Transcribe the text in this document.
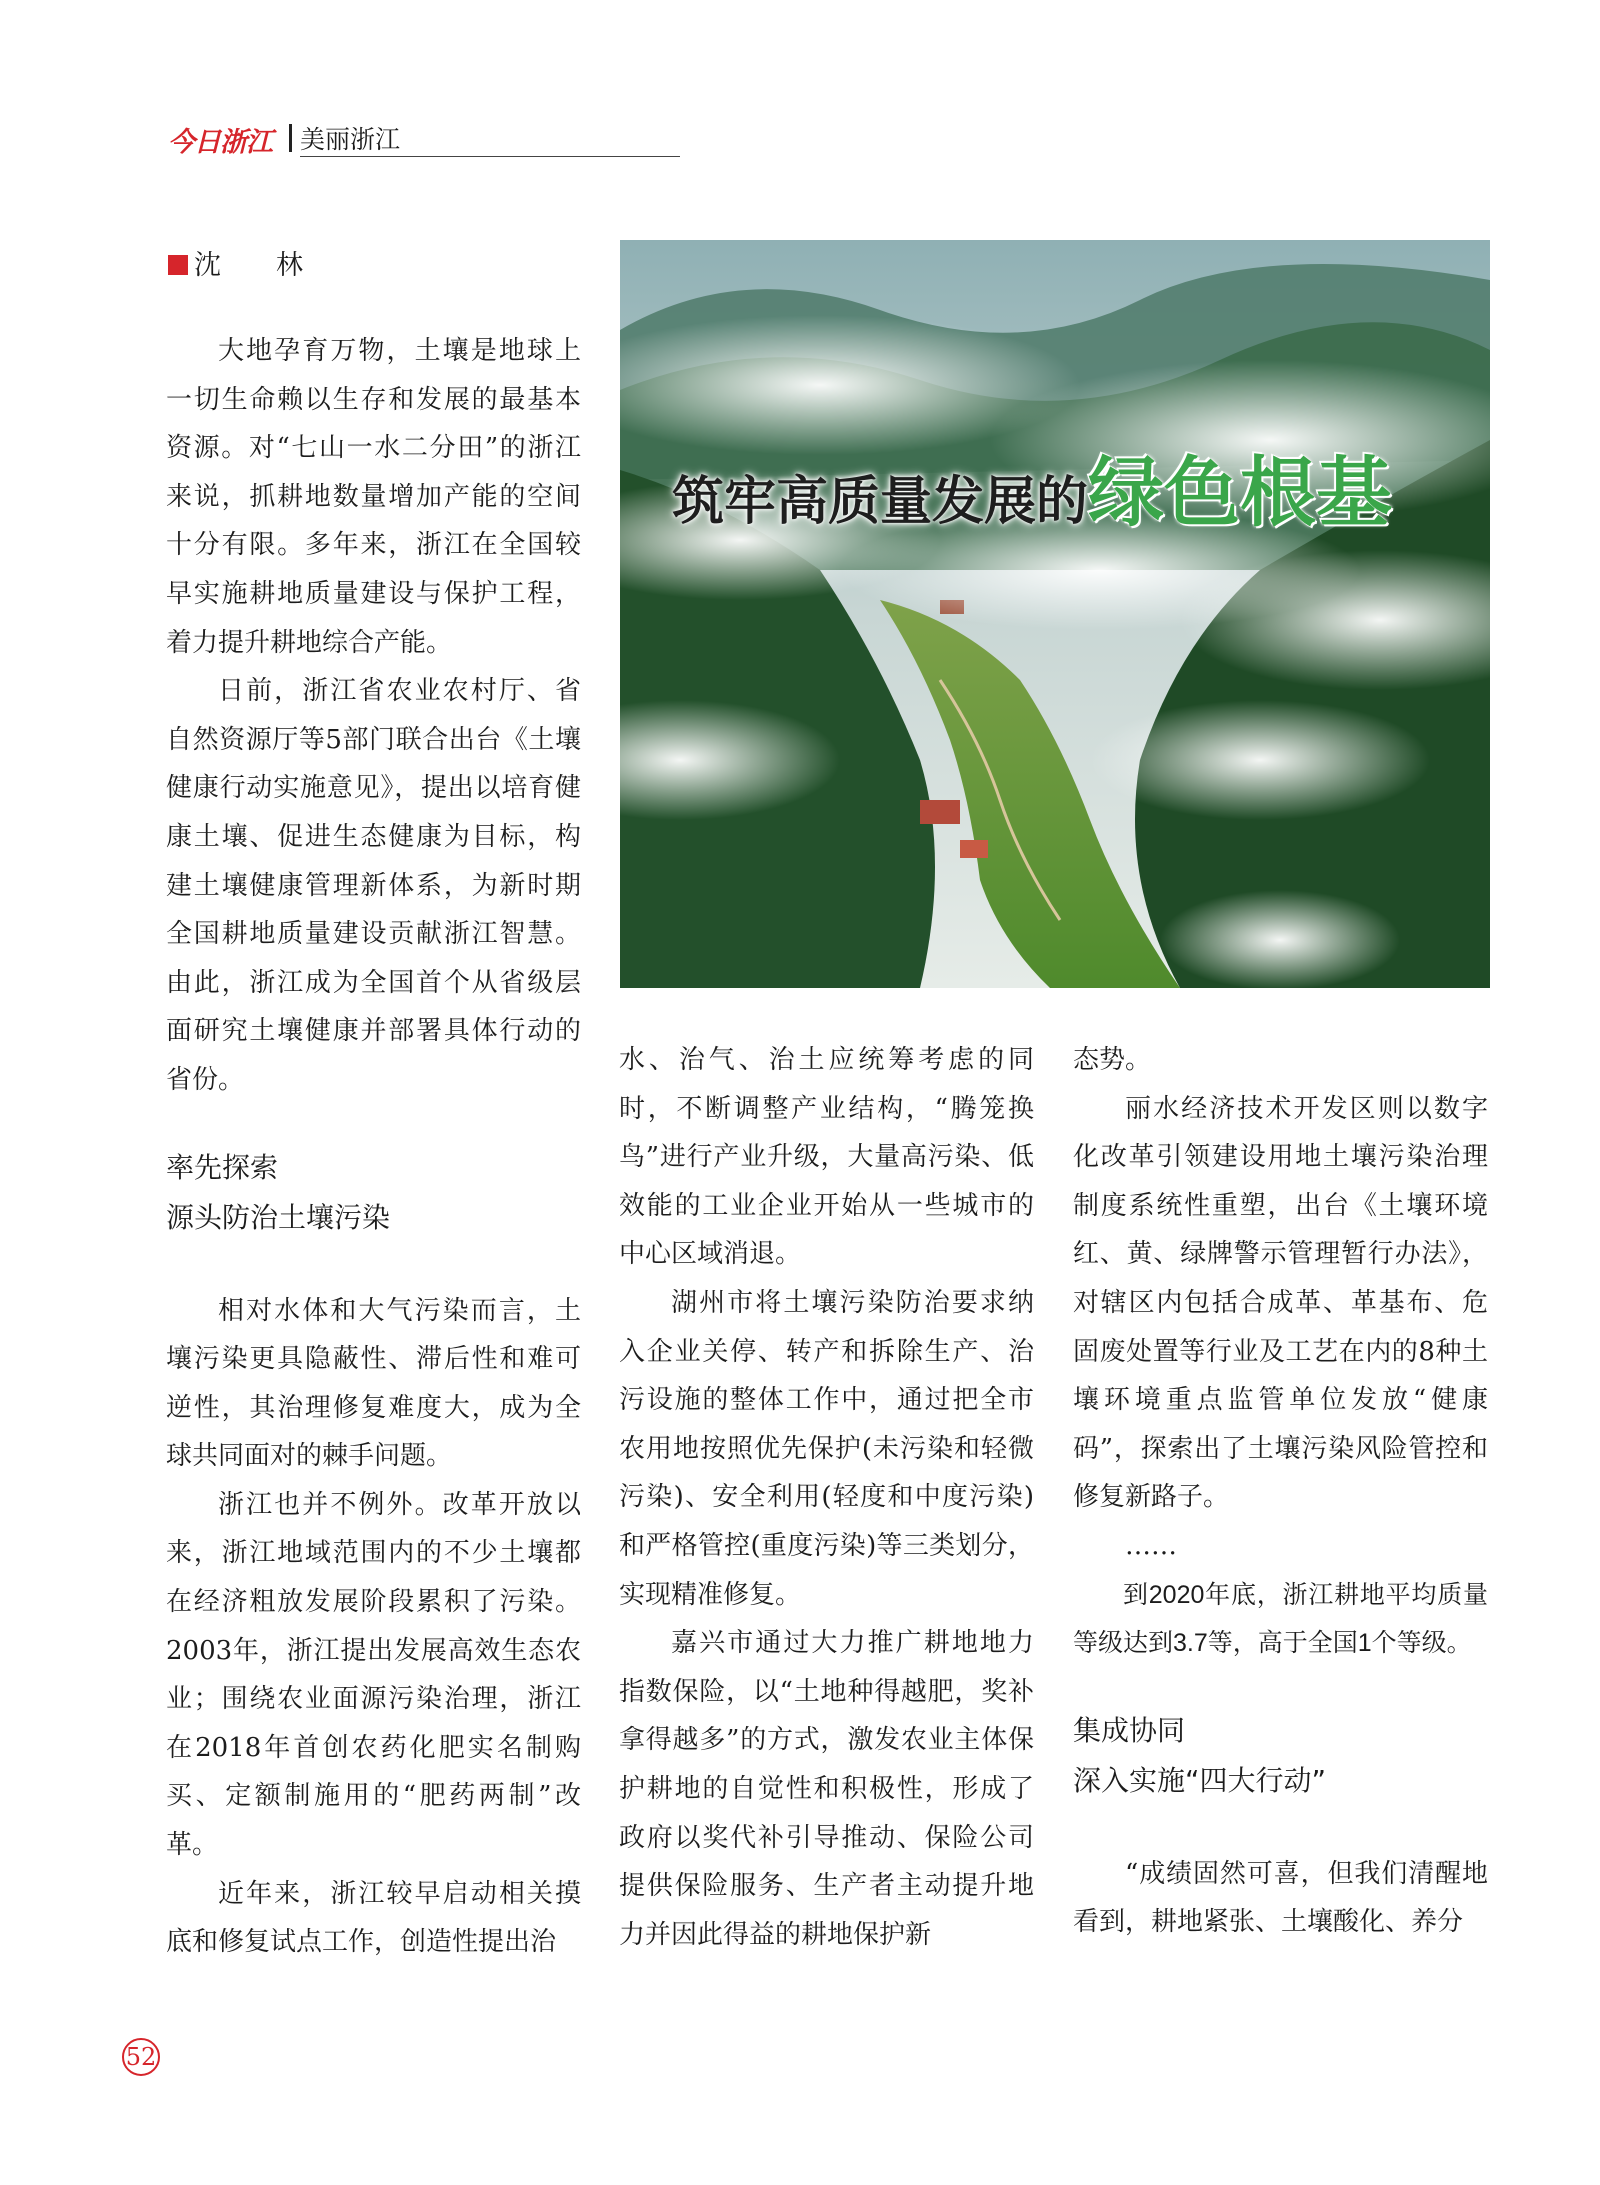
今日浙江 美丽浙江
沈　林

大地孕育万物，土壤是地球上一切生命赖以生存和发展的最基本资源。对“七山一水二分田”的浙江来说，抓耕地数量增加产能的空间十分有限。多年来，浙江在全国较早实施耕地质量建设与保护工程，着力提升耕地综合产能。

日前，浙江省农业农村厅、省自然资源厅等5部门联合出台《土壤健康行动实施意见》，提出以培育健康土壤、促进生态健康为目标，构建土壤健康管理新体系，为新时期全国耕地质量建设贡献浙江智慧。由此，浙江成为全国首个从省级层面研究土壤健康并部署具体行动的省份。

率先探索
源头防治土壤污染

相对水体和大气污染而言，土壤污染更具隐蔽性、滞后性和难可逆性，其治理修复难度大，成为全球共同面对的棘手问题。

浙江也并不例外。改革开放以来，浙江地域范围内的不少土壤都在经济粗放发展阶段累积了污染。2003年，浙江提出发展高效生态农业；围绕农业面源污染治理，浙江在2018年首创农药化肥实名制购买、定额制施用的“肥药两制”改革。

近年来，浙江较早启动相关摸底和修复试点工作，创造性提出治

筑牢高质量发展的绿色根基

水、治气、治土应统筹考虑的同时，不断调整产业结构，“腾笼换鸟”进行产业升级，大量高污染、低效能的工业企业开始从一些城市的中心区域消退。

湖州市将土壤污染防治要求纳入企业关停、转产和拆除生产、治污设施的整体工作中，通过把全市农用地按照优先保护(未污染和轻微污染)、安全利用(轻度和中度污染)和严格管控(重度污染)等三类划分，实现精准修复。

嘉兴市通过大力推广耕地地力指数保险，以“土地种得越肥，奖补拿得越多”的方式，激发农业主体保护耕地的自觉性和积极性，形成了政府以奖代补引导推动、保险公司提供保险服务、生产者主动提升地力并因此得益的耕地保护新

态势。

丽水经济技术开发区则以数字化改革引领建设用地土壤污染治理制度系统性重塑，出台《土壤环境红、黄、绿牌警示管理暂行办法》，对辖区内包括合成革、革基布、危固废处置等行业及工艺在内的8种土壤环境重点监管单位发放“健康码”，探索出了土壤污染风险管控和修复新路子。

……

到2020年底，浙江耕地平均质量等级达到3.7等，高于全国1个等级。

集成协同
深入实施“四大行动”

“成绩固然可喜，但我们清醒地看到，耕地紧张、土壤酸化、养分

52
